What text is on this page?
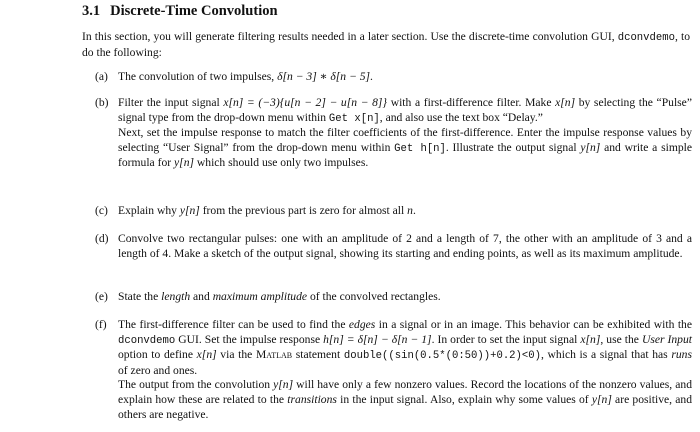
3.1 Discrete-Time Convolution
In this section, you will generate filtering results needed in a later section. Use the discrete-time convolution GUI, dconvdemo, to do the following:
(a) The convolution of two impulses, δ[n − 3] ∗ δ[n − 5].
(b) Filter the input signal x[n] = (−3){u[n − 2] − u[n − 8]} with a first-difference filter. Make x[n] by selecting the “Pulse” signal type from the drop-down menu within Get x[n], and also use the text box “Delay.”

Next, set the impulse response to match the filter coefficients of the first-difference. Enter the impulse response values by selecting “User Signal” from the drop-down menu within Get h[n]. Illustrate the output signal y[n] and write a simple formula for y[n] which should use only two impulses.

(c) Explain why y[n] from the previous part is zero for almost all n.
(d) Convolve two rectangular pulses: one with an amplitude of 2 and a length of 7, the other with an amplitude of 3 and a length of 4. Make a sketch of the output signal, showing its starting and ending points, as well as its maximum amplitude.
(e) State the length and maximum amplitude of the convolved rectangles.
(f) The first-difference filter can be used to find the edges in a signal or in an image. This behavior can be exhibited with the dconvdemo GUI. Set the impulse response h[n] = δ[n] − δ[n − 1]. In order to set the input signal x[n], use the User Input option to define x[n] via the Matlab statement double((sin(0.5*(0:50))+0.2)<0), which is a signal that has runs of zero and ones.

The output from the convolution y[n] will have only a few nonzero values. Record the locations of the nonzero values, and explain how these are related to the transitions in the input signal. Also, explain why some values of y[n] are positive, and others are negative.
